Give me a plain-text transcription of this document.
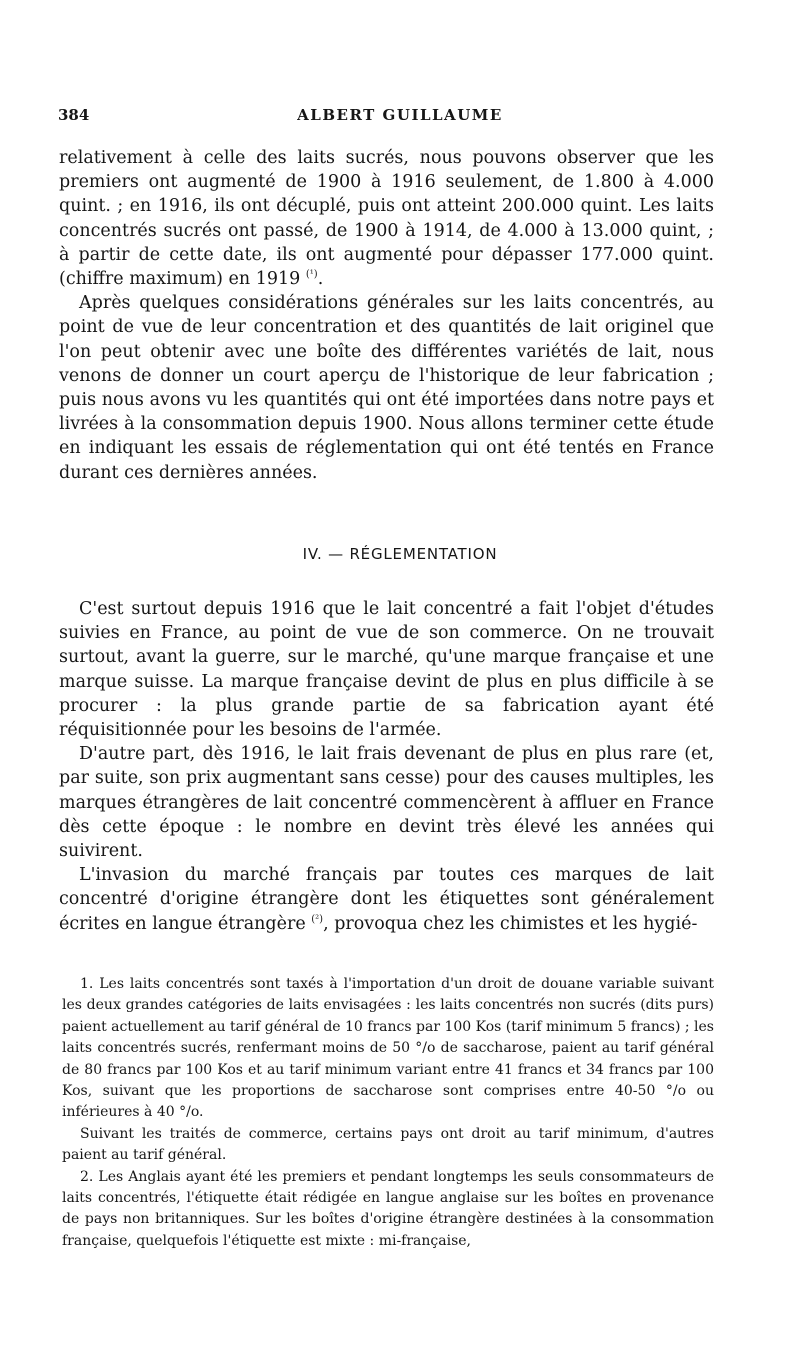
384	ALBERT GUILLAUME

relativement à celle des laits sucrés, nous pouvons observer que les premiers ont augmenté de 1900 à 1916 seulement, de 1.800 à 4.000 quint. ; en 1916, ils ont décuplé, puis ont atteint 200.000 quint. Les laits concentrés sucrés ont passé, de 1900 à 1914, de 4.000 à 13.000 quint, ; à partir de cette date, ils ont augmenté pour dépasser 177.000 quint. (chiffre maximum) en 1919 $^{(^1)}$.

Après quelques considérations générales sur les laits concentrés, au point de vue de leur concentration et des quantités de lait originel que l'on peut obtenir avec une boîte des différentes variétés de lait, nous venons de donner un court aperçu de l'historique de leur fabrication ; puis nous avons vu les quantités qui ont été importées dans notre pays et livrées à la consommation depuis 1900. Nous allons terminer cette étude en indiquant les essais de réglementation qui ont été tentés en France durant ces dernières années.

IV. — RÉGLEMENTATION

C'est surtout depuis 1916 que le lait concentré a fait l'objet d'études suivies en France, au point de vue de son commerce. On ne trouvait surtout, avant la guerre, sur le marché, qu'une marque française et une marque suisse. La marque française devint de plus en plus difficile à se procurer : la plus grande partie de sa fabrication ayant été réquisitionnée pour les besoins de l'armée.

D'autre part, dès 1916, le lait frais devenant de plus en plus rare (et, par suite, son prix augmentant sans cesse) pour des causes multiples, les marques étrangères de lait concentré commencèrent à affluer en France dès cette époque : le nombre en devint très élevé les années qui suivirent.

L'invasion du marché français par toutes ces marques de lait concentré d'origine étrangère dont les étiquettes sont généralement écrites en langue étrangère $^{(^2)}$, provoqua chez les chimistes et les hygié-

1. Les laits concentrés sont taxés à l'importation d'un droit de douane variable suivant les deux grandes catégories de laits envisagées : les laits concentrés non sucrés (dits purs) paient actuellement au tarif général de 10 francs par 100 Kos (tarif minimum 5 francs) ; les laits concentrés sucrés, renfermant moins de 50 °/o de saccharose, paient au tarif général de 80 francs par 100 Kos et au tarif minimum variant entre 41 francs et 34 francs par 100 Kos, suivant que les proportions de saccharose sont comprises entre 40-50 °/o ou inférieures à 40 °/o.

Suivant les traités de commerce, certains pays ont droit au tarif minimum, d'autres paient au tarif général.

2. Les Anglais ayant été les premiers et pendant longtemps les seuls consommateurs de laits concentrés, l'étiquette était rédigée en langue anglaise sur les boîtes en provenance de pays non britanniques. Sur les boîtes d'origine étrangère destinées à la consommation française, quelquefois l'étiquette est mixte : mi-française,
